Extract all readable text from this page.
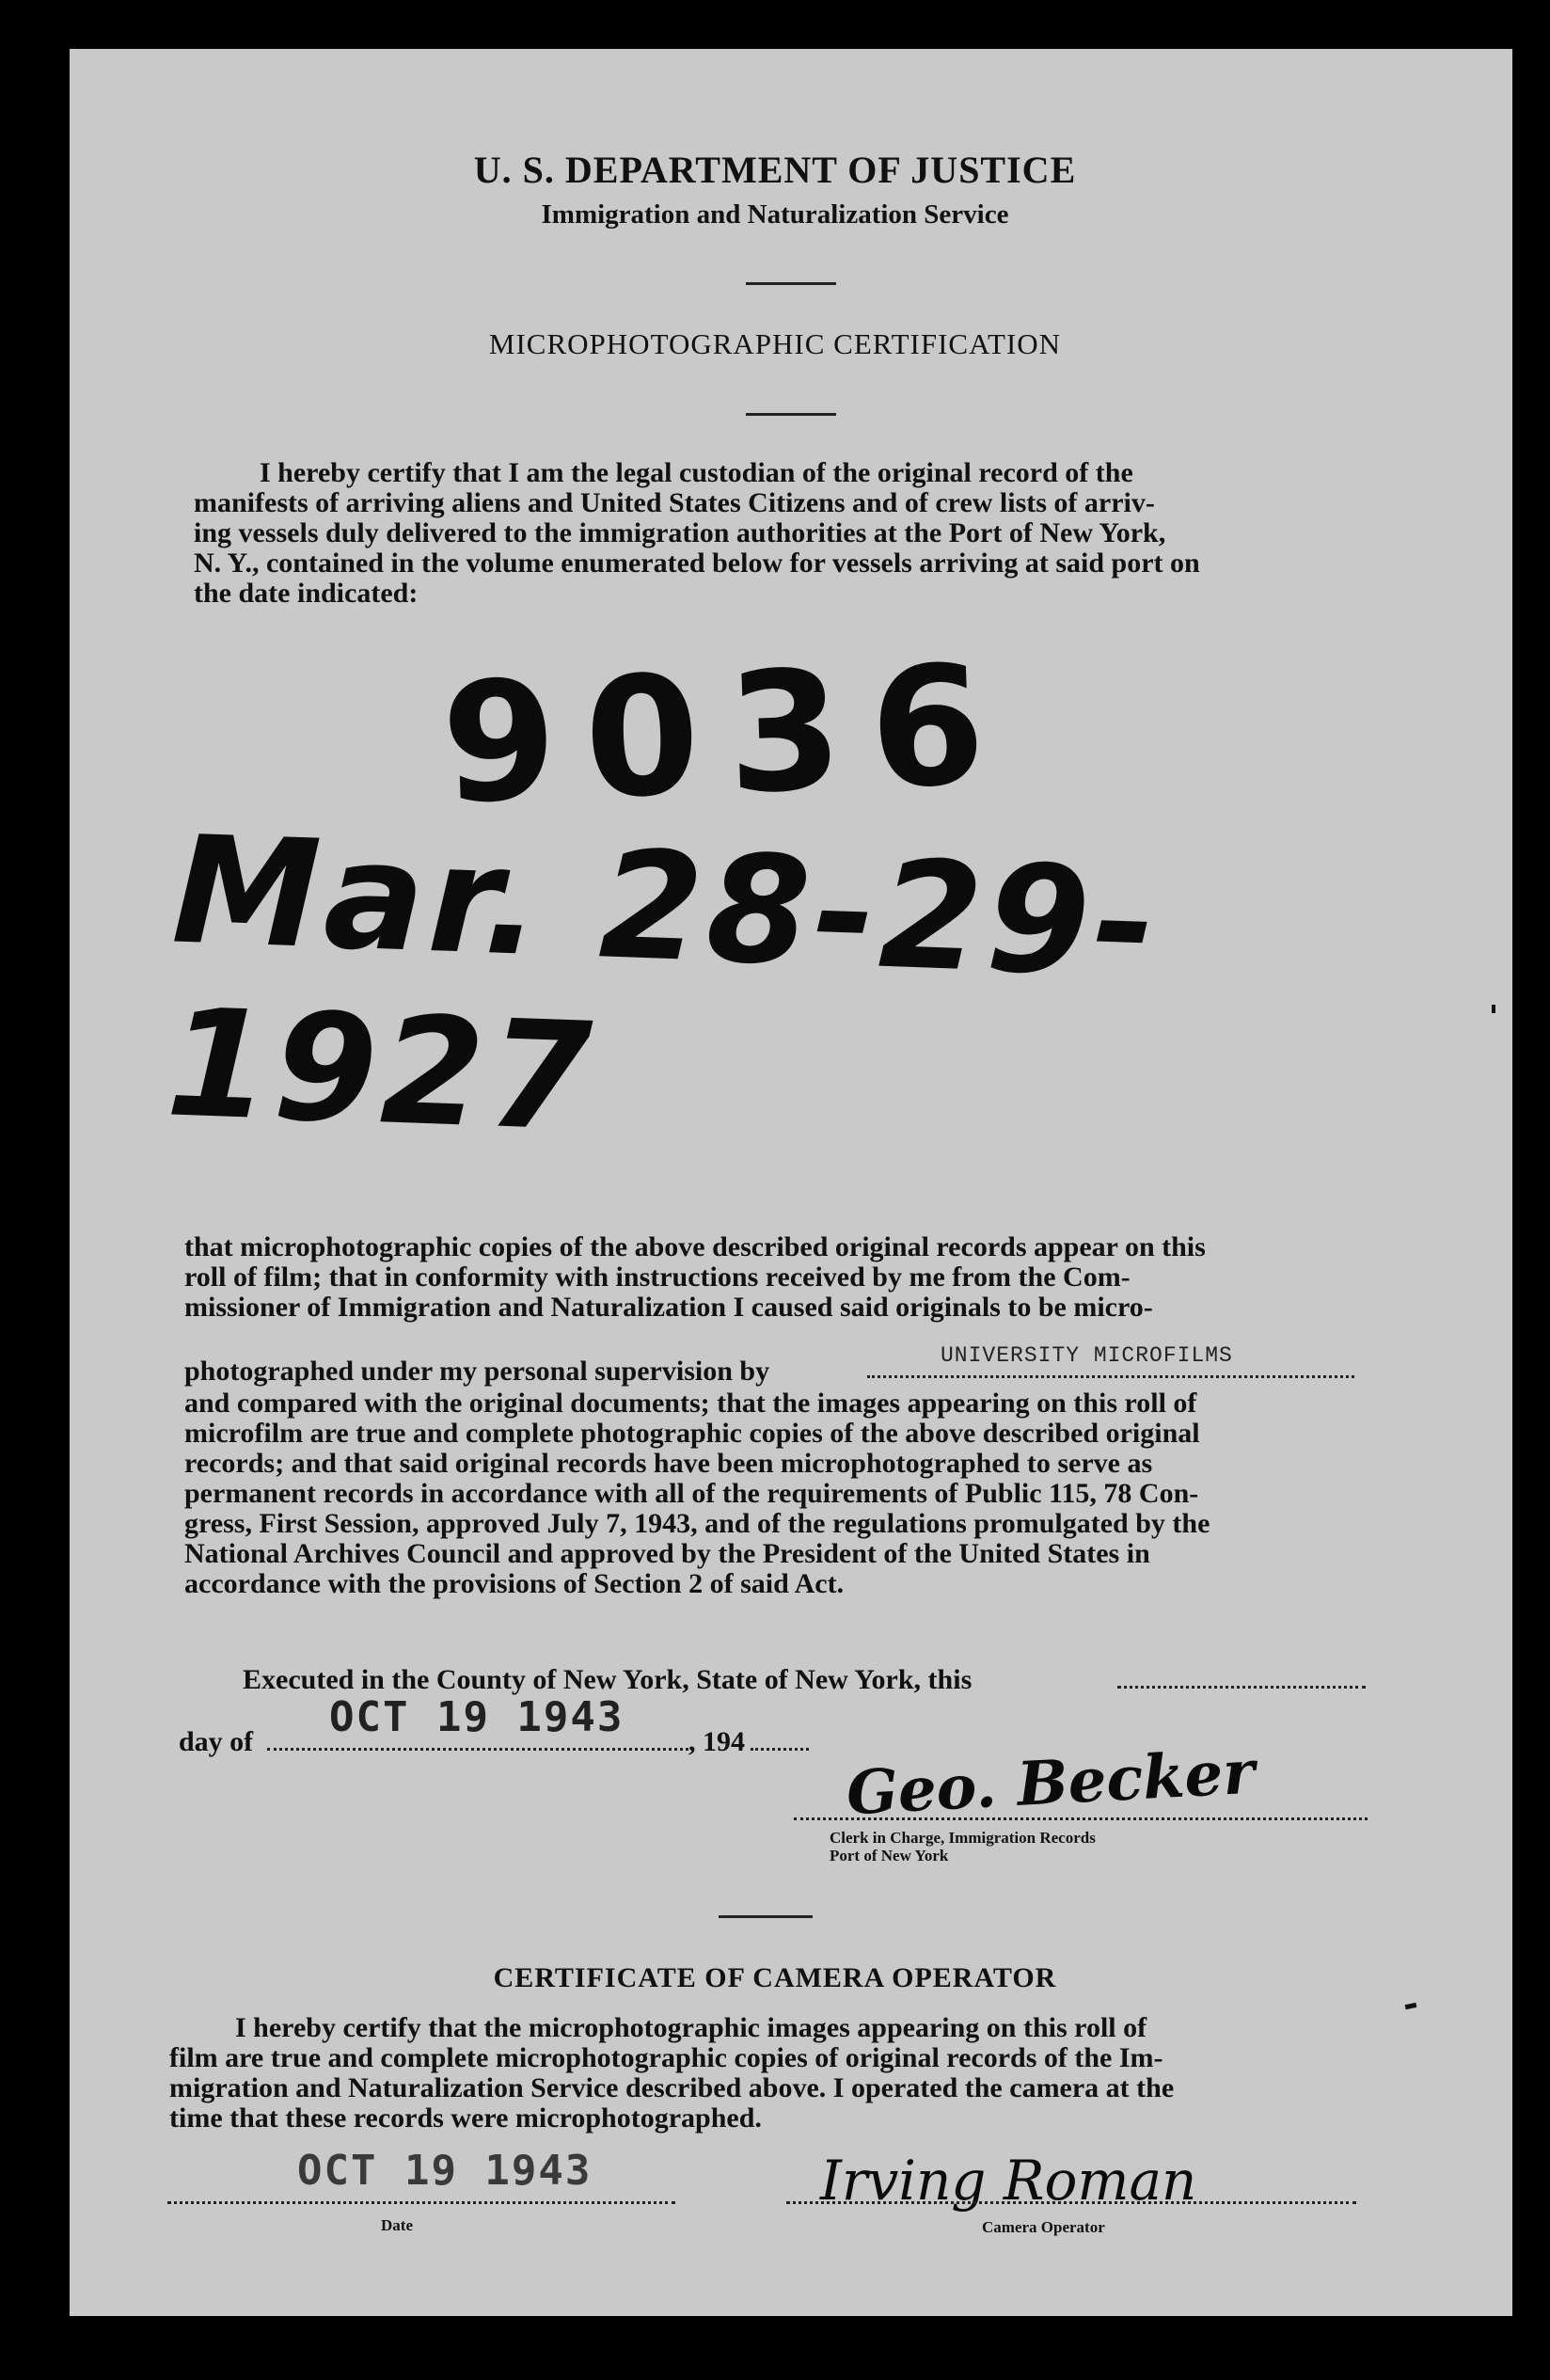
U. S. DEPARTMENT OF JUSTICE
Immigration and Naturalization Service
MICROPHOTOGRAPHIC CERTIFICATION

I hereby certify that I am the legal custodian of the original record of the

manifests of arriving aliens and United States Citizens and of crew lists of arriv-

ing vessels duly delivered to the immigration authorities at the Port of New York,

N. Y., contained in the volume enumerated below for vessels arriving at said port on

the date indicated:

9036
Mar. 28-29-1927

that microphotographic copies of the above described original records appear on this

roll of film; that in conformity with instructions received by me from the Com-

missioner of Immigration and Naturalization I caused said originals to be micro-

photographed under my personal supervision by	UNIVERSITY MICROFILMS

and compared with the original documents; that the images appearing on this roll of

microfilm are true and complete photographic copies of the above described original

records; and that said original records have been microphotographed to serve as

permanent records in accordance with all of the requirements of Public 115, 78 Con-

gress, First Session, approved July 7, 1943, and of the regulations promulgated by the

National Archives Council and approved by the President of the United States in

accordance with the provisions of Section 2 of said Act.

Executed in the County of New York, State of New York, this
day of
OCT 19 1943
, 194 Geo. Becker
Clerk in Charge, Immigration Records
Port of New York
CERTIFICATE OF CAMERA OPERATOR

I hereby certify that the microphotographic images appearing on this roll of

film are true and complete microphotographic copies of original records of the Im-

migration and Naturalization Service described above. I operated the camera at the

time that these records were microphotographed.

OCT 19 1943
Date
Irving Roman
Camera Operator
